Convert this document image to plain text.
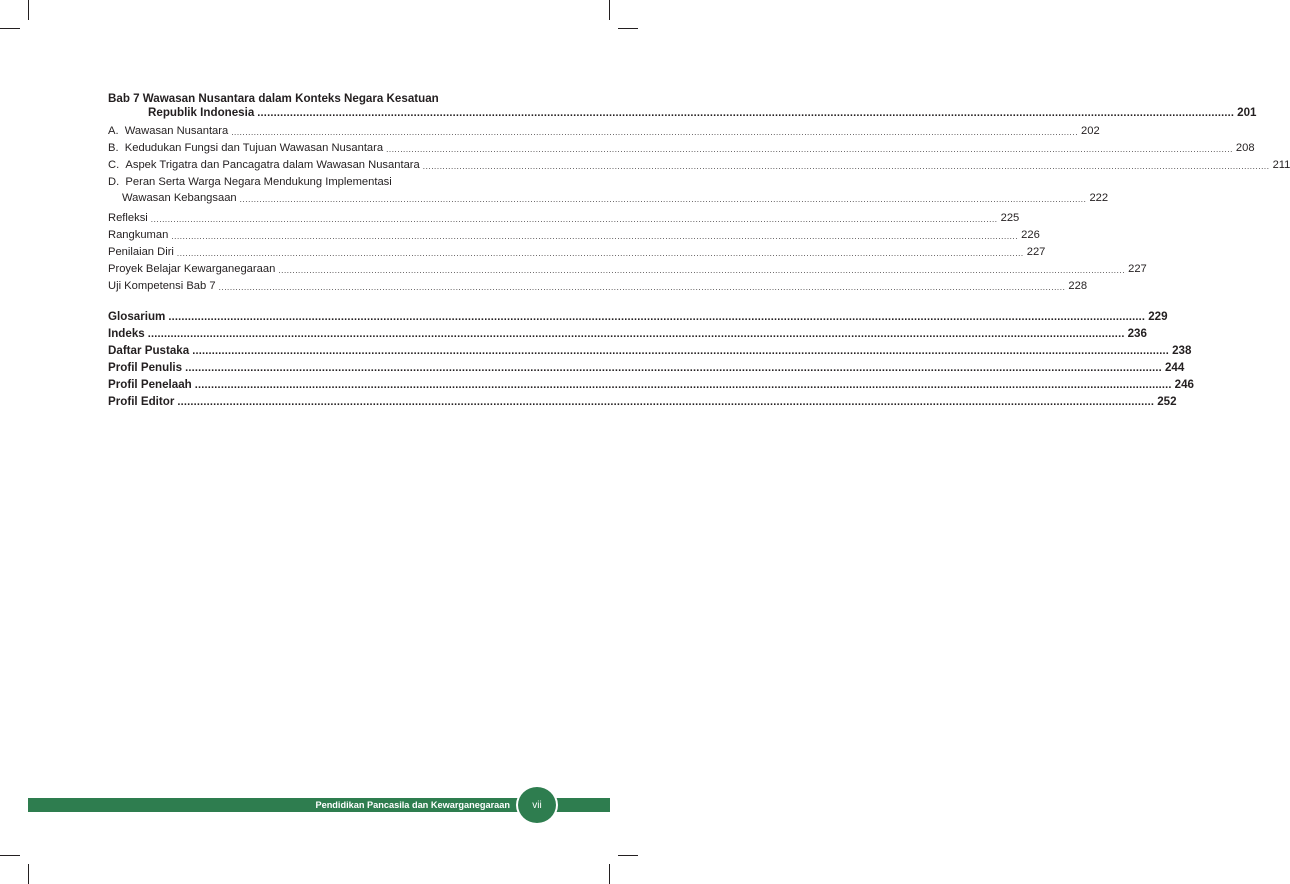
Bab 7 Wawasan Nusantara dalam Konteks Negara Kesatuan
Republik Indonesia ............................................................................................................................................................................................................................................................................................................ 201
A.  Wawasan Nusantara ............................................................................................................................................................................................................................................................................................................ 202
B.  Kedudukan Fungsi dan Tujuan Wawasan Nusantara ............................................................................................................................................................................................................................................................................................................ 208
C.  Aspek Trigatra dan Pancagatra dalam Wawasan Nusantara ............................................................................................................................................................................................................................................................................................................ 211
D.  Peran Serta Warga Negara Mendukung Implementasi
Wawasan Kebangsaan ............................................................................................................................................................................................................................................................................................................ 222
Refleksi ............................................................................................................................................................................................................................................................................................................ 225
Rangkuman ............................................................................................................................................................................................................................................................................................................ 226
Penilaian Diri ............................................................................................................................................................................................................................................................................................................ 227
Proyek Belajar Kewarganegaraan ............................................................................................................................................................................................................................................................................................................ 227
Uji Kompetensi Bab 7 ............................................................................................................................................................................................................................................................................................................ 228
Glosarium ............................................................................................................................................................................................................................................................................................................ 229
Indeks ............................................................................................................................................................................................................................................................................................................ 236
Daftar Pustaka ............................................................................................................................................................................................................................................................................................................ 238
Profil Penulis ............................................................................................................................................................................................................................................................................................................ 244
Profil Penelaah ............................................................................................................................................................................................................................................................................................................ 246
Profil Editor ............................................................................................................................................................................................................................................................................................................ 252
Pendidikan Pancasila dan Kewarganegaraan	vii
